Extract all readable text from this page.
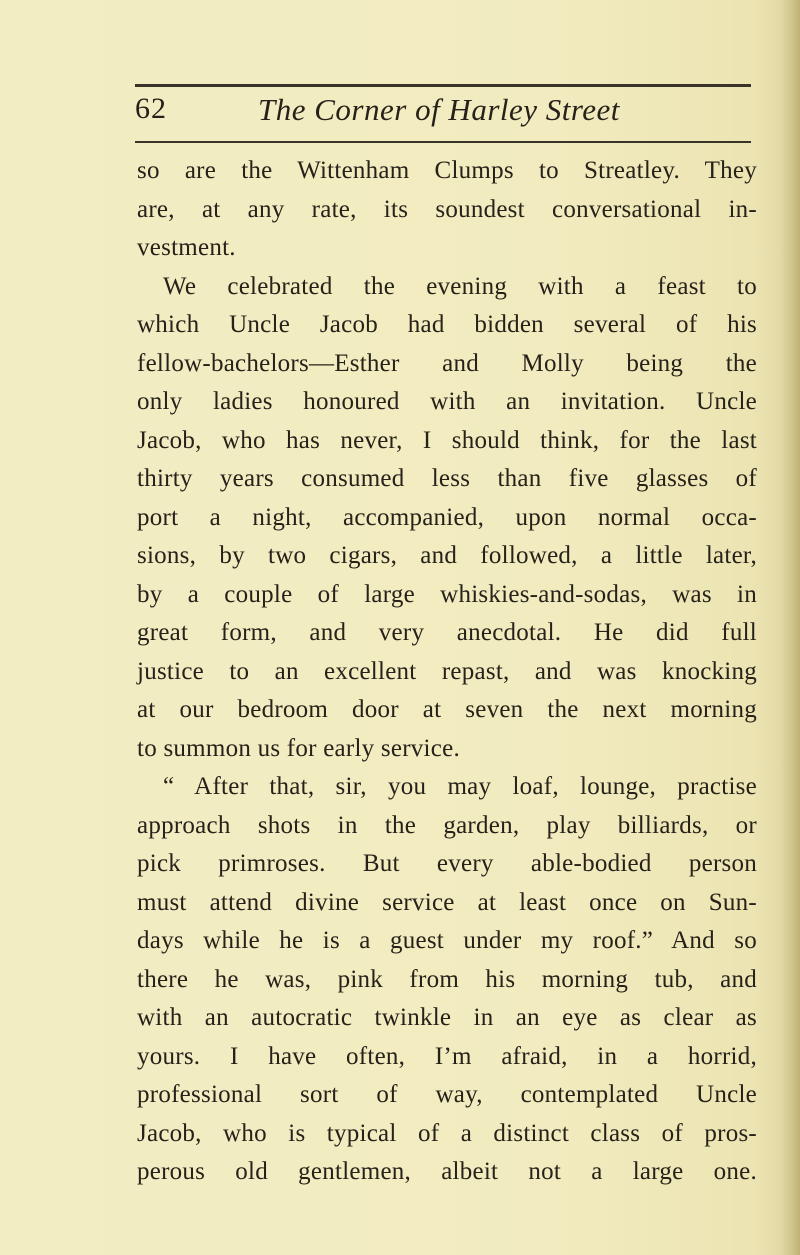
62	The Corner of Harley Street
so are the Wittenham Clumps to Streatley. They
are, at any rate, its soundest conversational in-
vestment.
We celebrated the evening with a feast to
which Uncle Jacob had bidden several of his
fellow-bachelors—Esther and Molly being the
only ladies honoured with an invitation. Uncle
Jacob, who has never, I should think, for the last
thirty years consumed less than five glasses of
port a night, accompanied, upon normal occa-
sions, by two cigars, and followed, a little later,
by a couple of large whiskies-and-sodas, was in
great form, and very anecdotal. He did full
justice to an excellent repast, and was knocking
at our bedroom door at seven the next morning
to summon us for early service.
“ After that, sir, you may loaf, lounge, practise
approach shots in the garden, play billiards, or
pick primroses. But every able-bodied person
must attend divine service at least once on Sun-
days while he is a guest under my roof.” And so
there he was, pink from his morning tub, and
with an autocratic twinkle in an eye as clear as
yours. I have often, I’m afraid, in a horrid,
professional sort of way, contemplated Uncle
Jacob, who is typical of a distinct class of pros-
perous old gentlemen, albeit not a large one.
